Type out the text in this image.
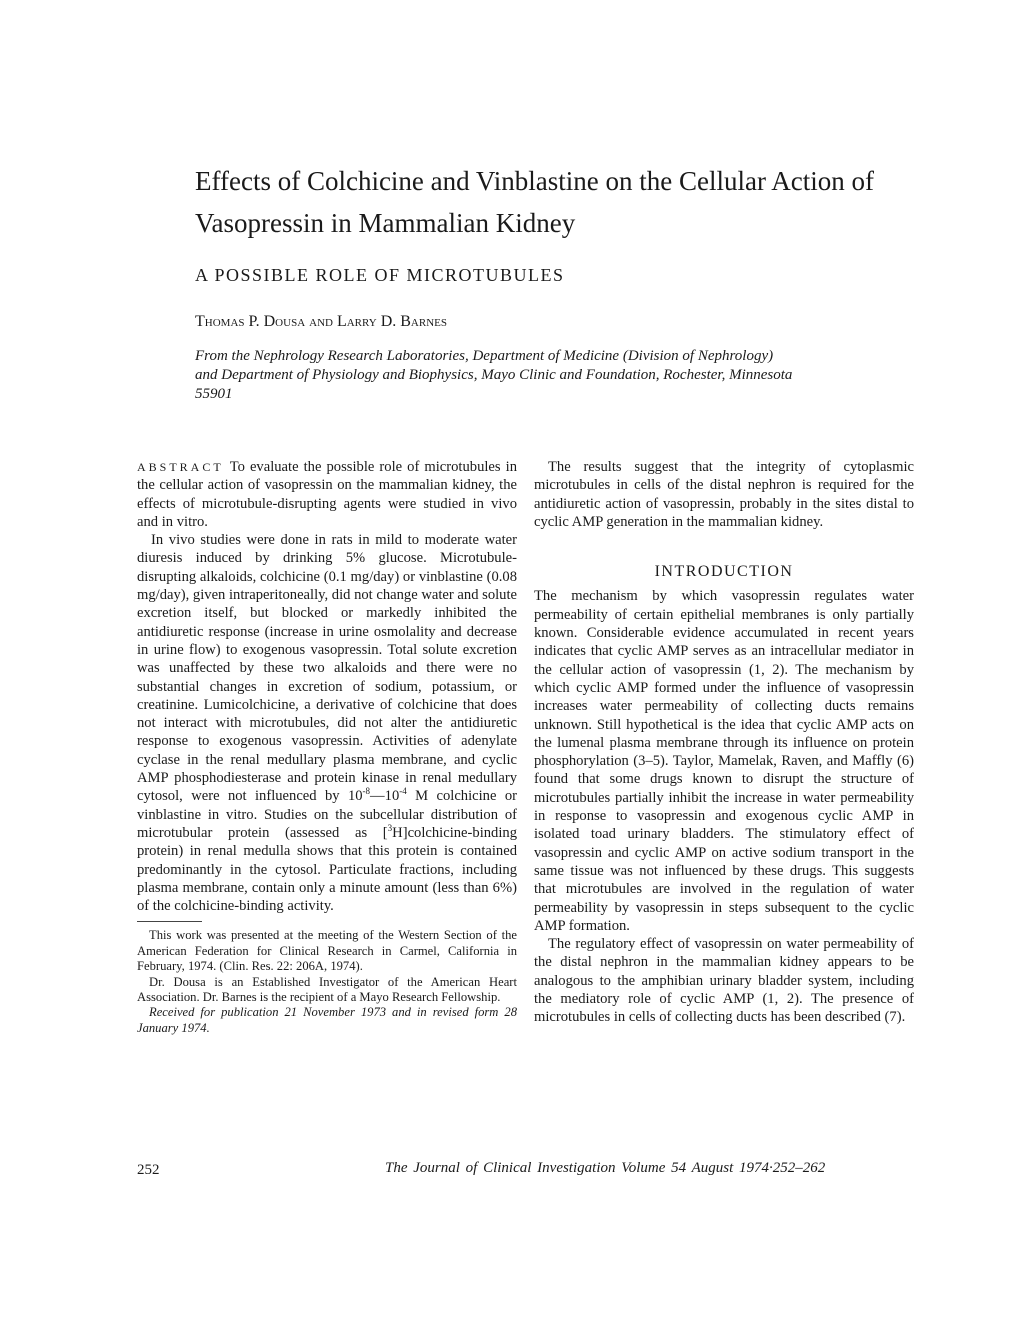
Effects of Colchicine and Vinblastine on the Cellular Action of Vasopressin in Mammalian Kidney
A POSSIBLE ROLE OF MICROTUBULES
Thomas P. Dousa and Larry D. Barnes
From the Nephrology Research Laboratories, Department of Medicine (Division of Nephrology) and Department of Physiology and Biophysics, Mayo Clinic and Foundation, Rochester, Minnesota 55901

ABSTRACT To evaluate the possible role of microtubules in the cellular action of vasopressin on the mammalian kidney, the effects of microtubule-disrupting agents were studied in vivo and in vitro.

In vivo studies were done in rats in mild to moderate water diuresis induced by drinking 5% glucose. Microtubule-disrupting alkaloids, colchicine (0.1 mg/day) or vinblastine (0.08 mg/day), given intraperitoneally, did not change water and solute excretion itself, but blocked or markedly inhibited the antidiuretic response (increase in urine osmolality and decrease in urine flow) to exogenous vasopressin. Total solute excretion was unaffected by these two alkaloids and there were no substantial changes in excretion of sodium, potassium, or creatinine. Lumicolchicine, a derivative of colchicine that does not interact with microtubules, did not alter the antidiuretic response to exogenous vasopressin. Activities of adenylate cyclase in the renal medullary plasma membrane, and cyclic AMP phosphodiesterase and protein kinase in renal medullary cytosol, were not influenced by $10^{-8}—10^{-4}$ M colchicine or vinblastine in vitro. Studies on the subcellular distribution of microtubular protein (assessed as [$^3$H]colchicine-binding protein) in renal medulla shows that this protein is contained predominantly in the cytosol. Particulate fractions, including plasma membrane, contain only a minute amount (less than 6%) of the colchicine-binding activity.

This work was presented at the meeting of the Western Section of the American Federation for Clinical Research in Carmel, California in February, 1974. (Clin. Res. 22: 206A, 1974).

Dr. Dousa is an Established Investigator of the American Heart Association. Dr. Barnes is the recipient of a Mayo Research Fellowship.

Received for publication 21 November 1973 and in revised form 28 January 1974.

The results suggest that the integrity of cytoplasmic microtubules in cells of the distal nephron is required for the antidiuretic action of vasopressin, probably in the sites distal to cyclic AMP generation in the mammalian kidney.

INTRODUCTION

The mechanism by which vasopressin regulates water permeability of certain epithelial membranes is only partially known. Considerable evidence accumulated in recent years indicates that cyclic AMP serves as an intracellular mediator in the cellular action of vasopressin (1, 2). The mechanism by which cyclic AMP formed under the influence of vasopressin increases water permeability of collecting ducts remains unknown. Still hypothetical is the idea that cyclic AMP acts on the lumenal plasma membrane through its influence on protein phosphorylation (3–5). Taylor, Mamelak, Raven, and Maffly (6) found that some drugs known to disrupt the structure of microtubules partially inhibit the increase in water permeability in response to vasopressin and exogenous cyclic AMP in isolated toad urinary bladders. The stimulatory effect of vasopressin and cyclic AMP on active sodium transport in the same tissue was not influenced by these drugs. This suggests that microtubules are involved in the regulation of water permeability by vasopressin in steps subsequent to the cyclic AMP formation.

The regulatory effect of vasopressin on water permeability of the distal nephron in the mammalian kidney appears to be analogous to the amphibian urinary bladder system, including the mediatory role of cyclic AMP (1, 2). The presence of microtubules in cells of collecting ducts has been described (7).

252	The Journal of Clinical Investigation Volume 54 August 1974·252–262
